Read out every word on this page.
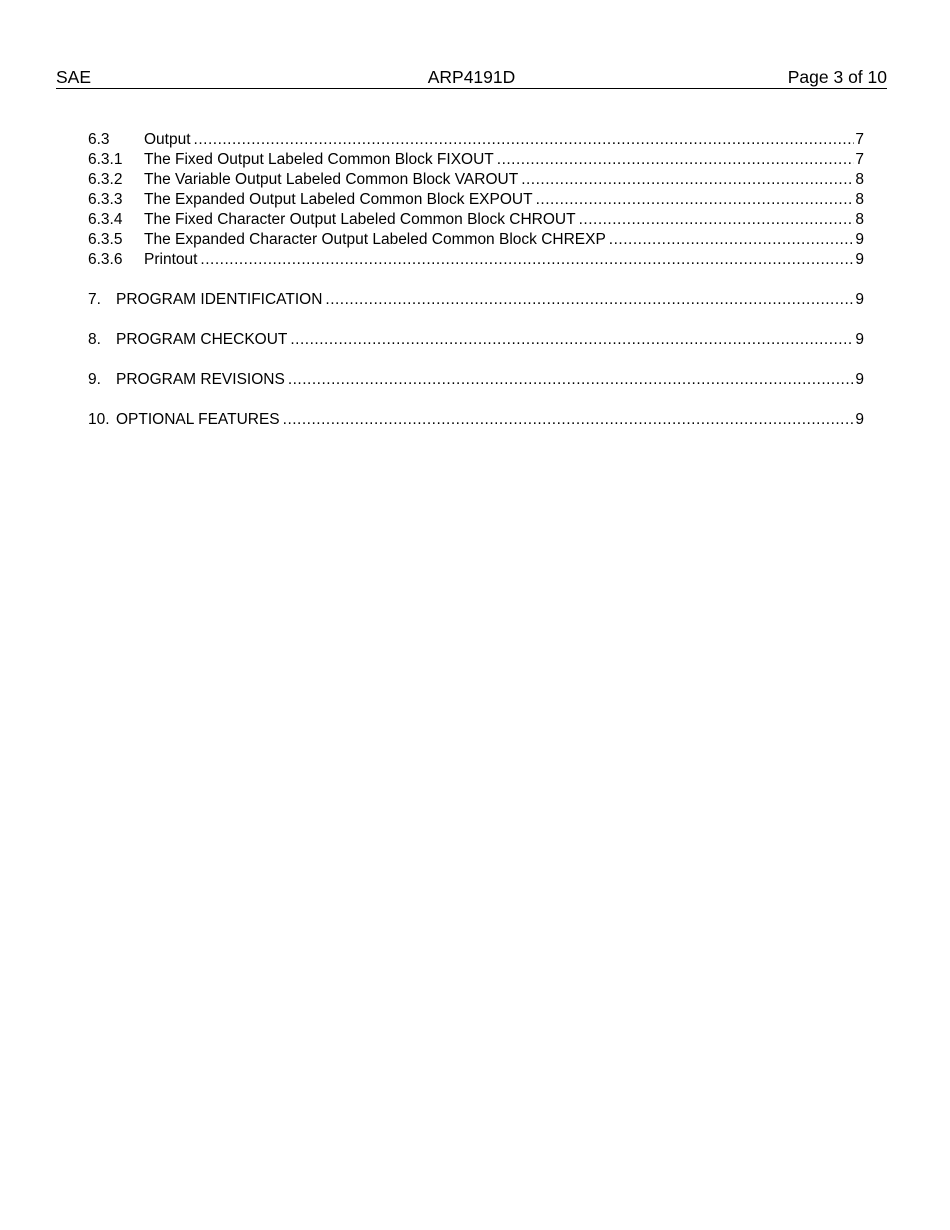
SAE	ARP4191D	Page 3 of 10
6.3	Output .....	7
6.3.1	The Fixed Output Labeled Common Block FIXOUT .....	7
6.3.2	The Variable Output Labeled Common Block VAROUT .....	8
6.3.3	The Expanded Output Labeled Common Block EXPOUT .....	8
6.3.4	The Fixed Character Output Labeled Common Block CHROUT .....	8
6.3.5	The Expanded Character Output Labeled Common Block CHREXP .....	9
6.3.6	Printout .....	9
7. PROGRAM IDENTIFICATION .....	9
8. PROGRAM CHECKOUT .....	9
9. PROGRAM REVISIONS .....	9
10. OPTIONAL FEATURES .....	9
